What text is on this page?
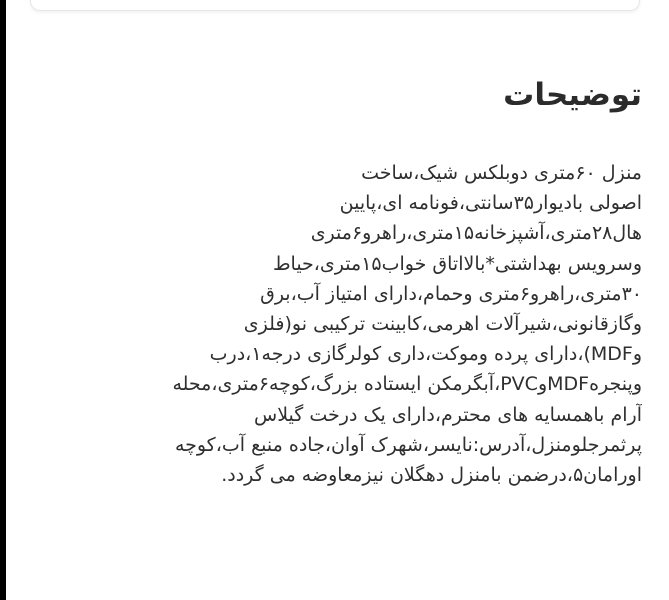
توضیحات
منزل ۶۰متری دوبلکس شیک،ساخت
اصولی بادیوار۳۵سانتی،فونامه ای،پایین
هال۲۸متری،آشپزخانه۱۵متری،راهرو۶متری
وسرویس بهداشتی*بالااتاق خواب۱۵متری،حیاط
۳۰متری،راهرو۶متری وحمام،دارای امتیاز آب،برق
وگازقانونی،شیرآلات اهرمی،کابینت ترکیبی نو(فلزی
وMDF)،دارای پرده وموکت،داری کولرگازی درجه۱،درب
وپنجرهMDFوPVC،آبگرمکن ایستاده بزرگ،کوچه۶متری،محله
آرام باهمسایه های محترم،دارای یک درخت گیلاس
پرثمرجلومنزل،آدرس:نایسر،شهرک آوان،جاده منبع آب،کوچه
اورامان۵،درضمن بامنزل دهگلان نیزمعاوضه می گردد.
